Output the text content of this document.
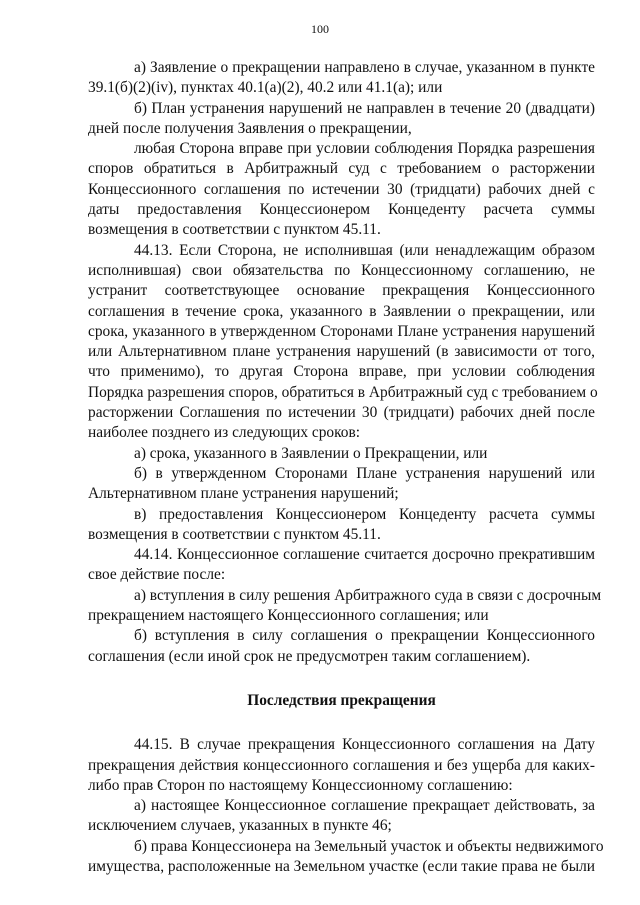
100
а) Заявление о прекращении направлено в случае, указанном в пункте
39.1(б)(2)(iv), пунктах 40.1(а)(2), 40.2 или 41.1(а); или
б) План устранения нарушений не направлен в течение 20 (двадцати)
дней после получения Заявления о прекращении,
любая Сторона вправе при условии соблюдения Порядка разрешения
споров обратиться в Арбитражный суд с требованием о расторжении
Концессионного соглашения по истечении 30 (тридцати) рабочих дней с
даты предоставления Концессионером Концеденту расчета суммы
возмещения в соответствии с пунктом 45.11.
44.13. Если Сторона, не исполнившая (или ненадлежащим образом
исполнившая) свои обязательства по Концессионному соглашению, не
устранит соответствующее основание прекращения Концессионного
соглашения в течение срока, указанного в Заявлении о прекращении, или
срока, указанного в утвержденном Сторонами Плане устранения нарушений
или Альтернативном плане устранения нарушений (в зависимости от того,
что применимо), то другая Сторона вправе, при условии соблюдения
Порядка разрешения споров, обратиться в Арбитражный суд с требованием о
расторжении Соглашения по истечении 30 (тридцати) рабочих дней после
наиболее позднего из следующих сроков:
а) срока, указанного в Заявлении о Прекращении, или
б) в утвержденном Сторонами Плане устранения нарушений или
Альтернативном плане устранения нарушений;
в) предоставления Концессионером Концеденту расчета суммы
возмещения в соответствии с пунктом 45.11.
44.14. Концессионное соглашение считается досрочно прекратившим
свое действие после:
а) вступления в силу решения Арбитражного суда в связи с досрочным
прекращением настоящего Концессионного соглашения; или
б) вступления в силу соглашения о прекращении Концессионного
соглашения (если иной срок не предусмотрен таким соглашением).
Последствия прекращения
44.15. В случае прекращения Концессионного соглашения на Дату
прекращения действия концессионного соглашения и без ущерба для каких-
либо прав Сторон по настоящему Концессионному соглашению:
а) настоящее Концессионное соглашение прекращает действовать, за
исключением случаев, указанных в пункте 46;
б) права Концессионера на Земельный участок и объекты недвижимого
имущества, расположенные на Земельном участке (если такие права не были
